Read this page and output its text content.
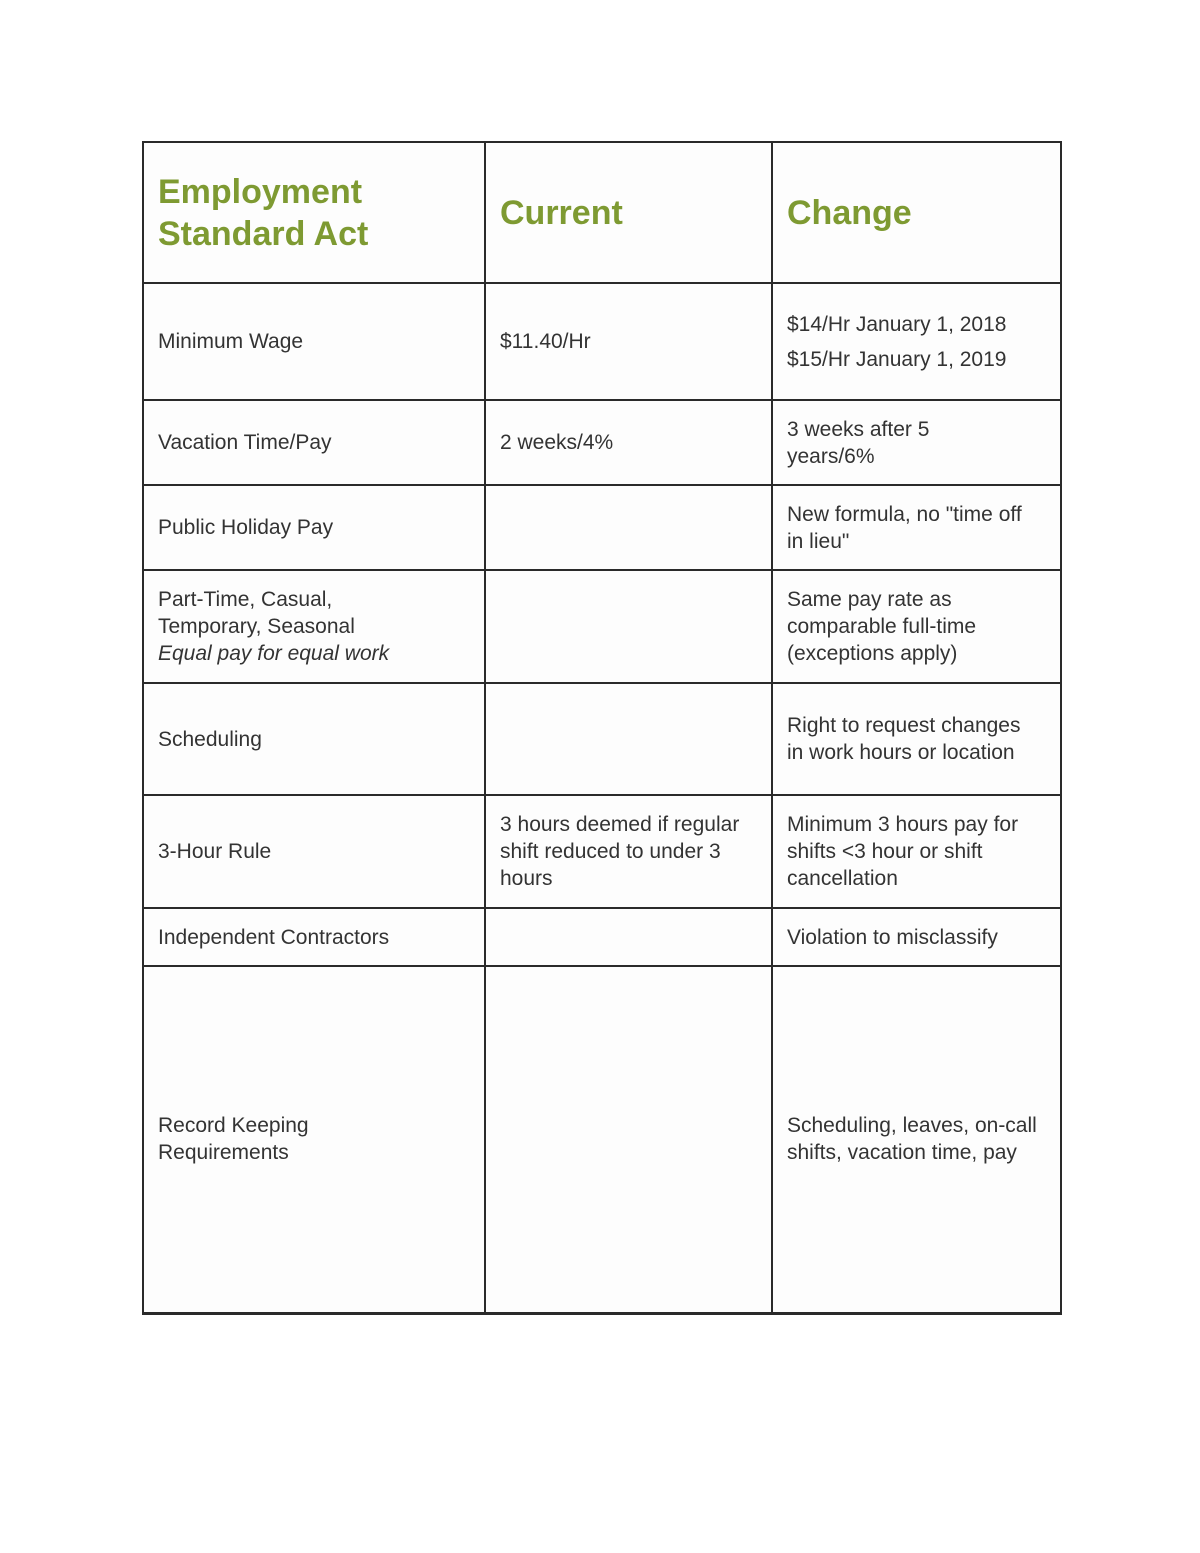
Employment Standard Act	Current	Change
Minimum Wage	$11.40/Hr	$14/Hr January 1, 2018
$15/Hr January 1, 2019

Vacation Time/Pay	2 weeks/4%	3 weeks after 5 years/6%
Public Holiday Pay		New formula, no "time off in lieu"

Part-Time, Casual, Temporary, Seasonal
Equal pay for equal work		Same pay rate as comparable full-time (exceptions apply)
Scheduling		Right to request changes in work hours or location
3-Hour Rule	3 hours deemed if regular shift reduced to under 3 hours	Minimum 3 hours pay for shifts <3 hour or shift cancellation
Independent Contractors		Violation to misclassify
Record Keeping Requirements		Scheduling, leaves, on-call shifts, vacation time, pay
